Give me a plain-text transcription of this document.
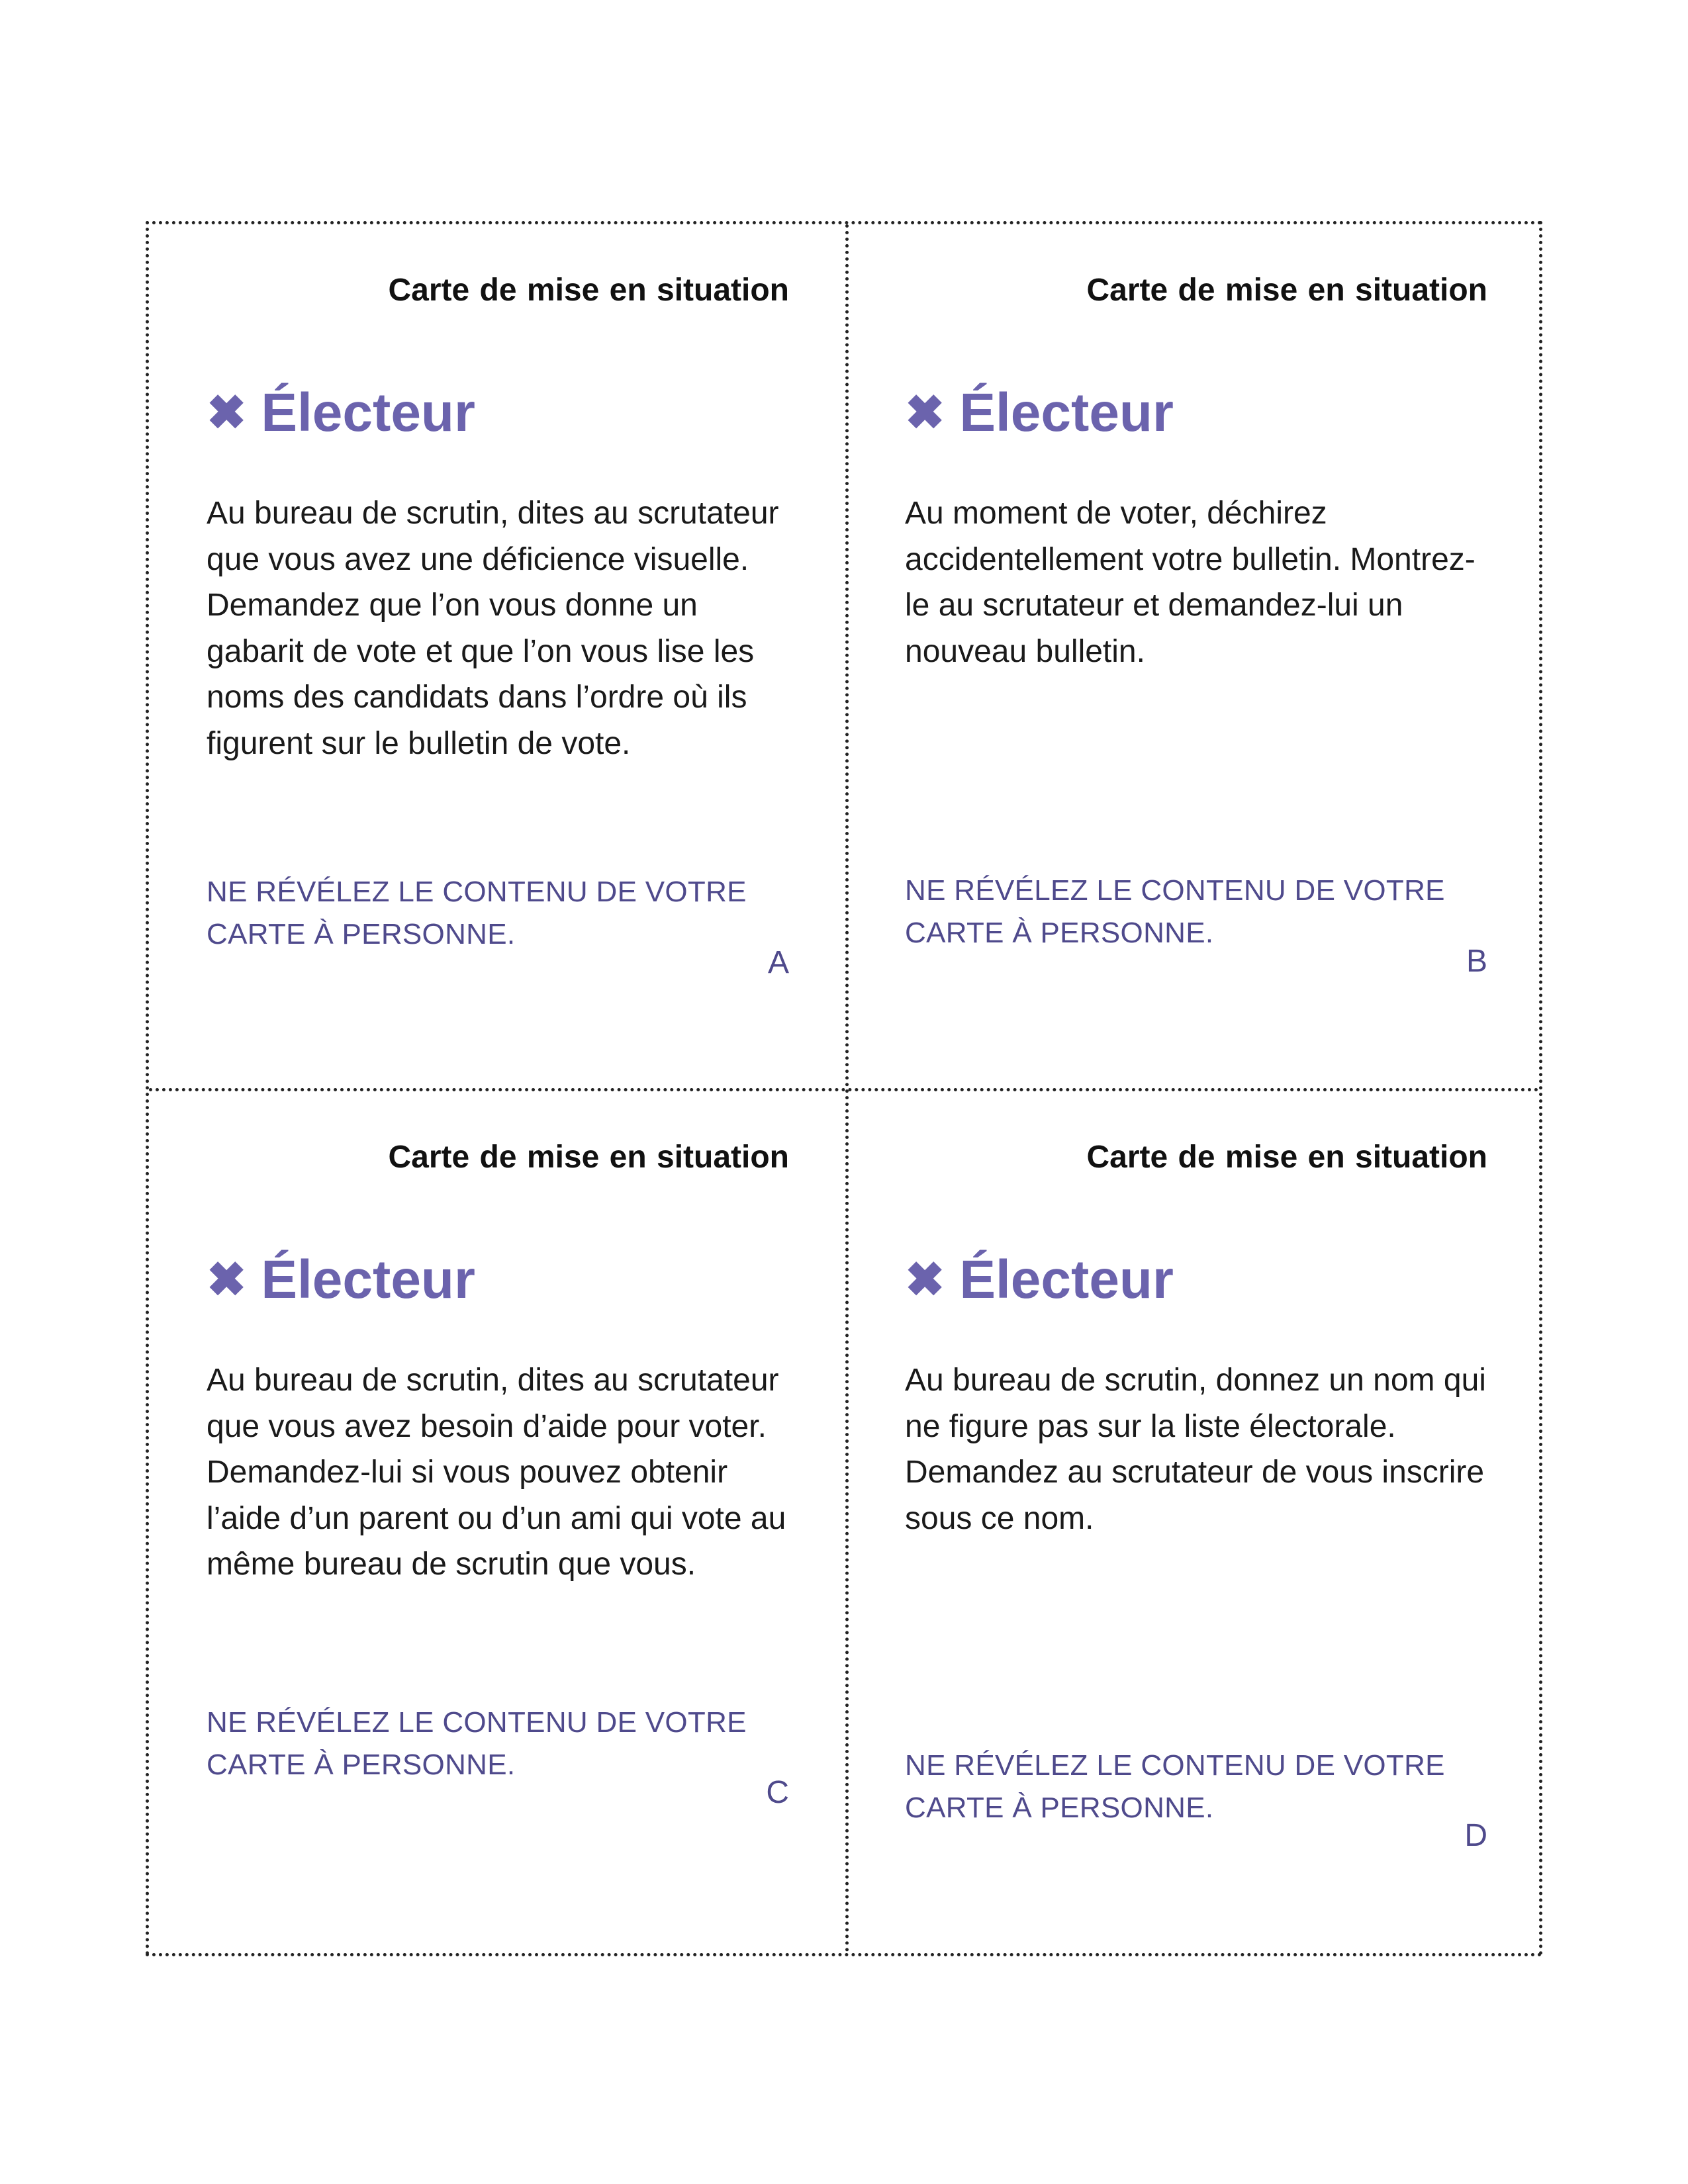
Carte de mise en situation
✖ Électeur
Au bureau de scrutin, dites au scrutateur que vous avez une déficience visuelle. Demandez que l’on vous donne un gabarit de vote et que l’on vous lise les noms des candidats dans l’ordre où ils figurent sur le bulletin de vote.
NE RÉVÉLEZ LE CONTENU DE VOTRE CARTE À PERSONNE.
A
Carte de mise en situation
✖ Électeur
Au moment de voter, déchirez accidentellement votre bulletin. Montrez-le au scrutateur et demandez-lui un nouveau bulletin.
NE RÉVÉLEZ LE CONTENU DE VOTRE CARTE À PERSONNE.
B
Carte de mise en situation
✖ Électeur
Au bureau de scrutin, dites au scrutateur que vous avez besoin d’aide pour voter. Demandez-lui si vous pouvez obtenir l’aide d’un parent ou d’un ami qui vote au même bureau de scrutin que vous.
NE RÉVÉLEZ LE CONTENU DE VOTRE CARTE À PERSONNE.
C
Carte de mise en situation
✖ Électeur
Au bureau de scrutin, donnez un nom qui ne figure pas sur la liste électorale. Demandez au scrutateur de vous inscrire sous ce nom.
NE RÉVÉLEZ LE CONTENU DE VOTRE CARTE À PERSONNE.
D
